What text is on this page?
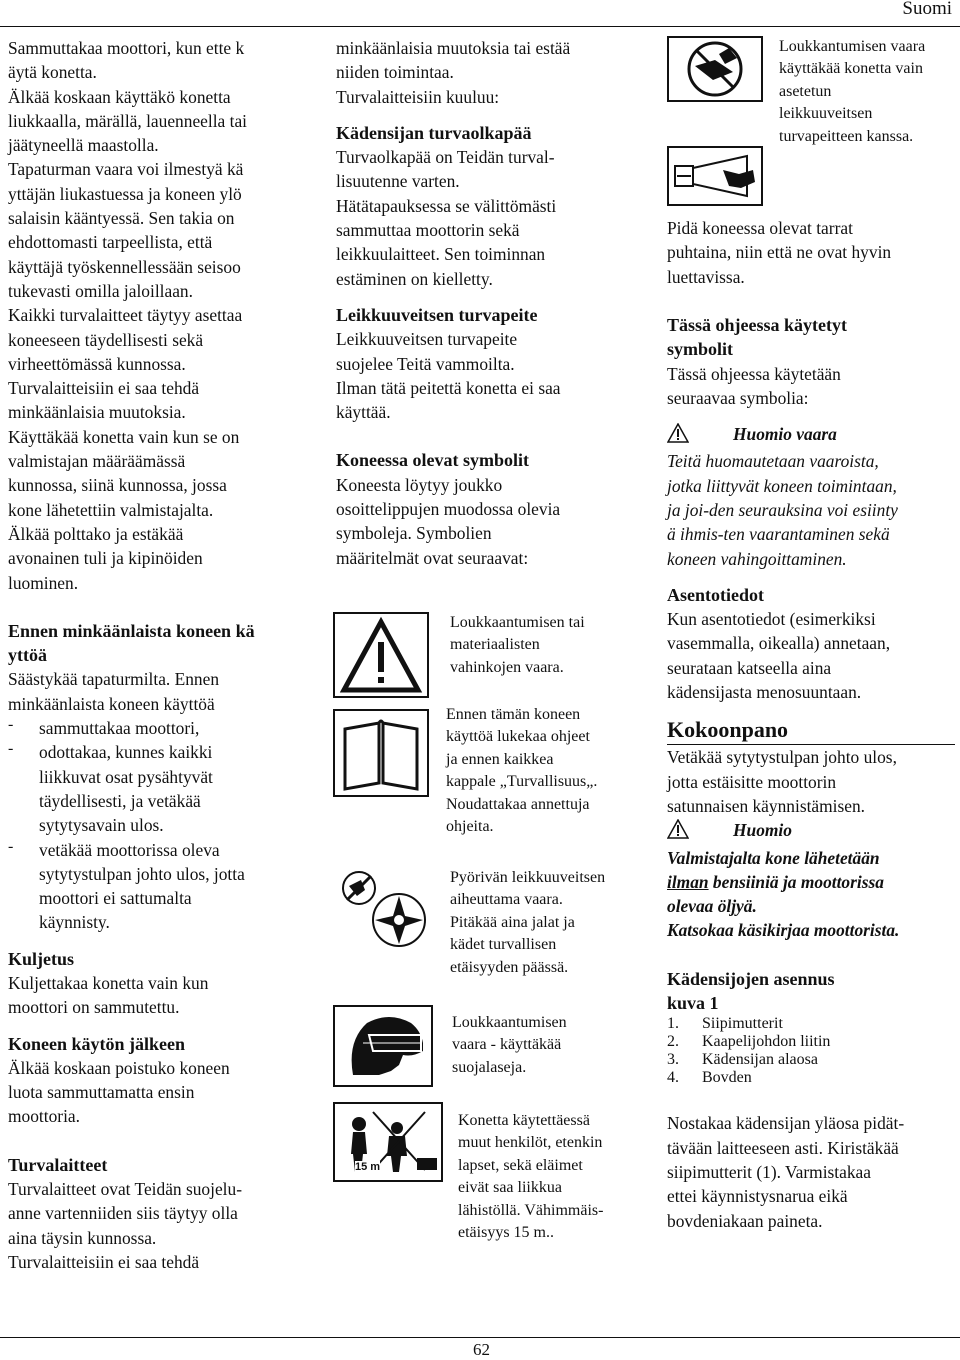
Suomi

Sammuttakaa moottori, kun ette k

äytä konetta.

Älkää koskaan käyttäkö konetta

liukkaalla, märällä, lauenneella tai

jäätyneellä maastolla.

Tapaturman vaara voi ilmestyä kä

yttäjän liukastuessa ja koneen ylö

salaisin kääntyessä. Sen takia on

ehdottomasti tarpeellista, että

käyttäjä työskennellessään seisoo

tukevasti omilla jaloillaan.

Kaikki turvalaitteet täytyy asettaa

koneeseen täydellisesti sekä

virheettömässä kunnossa.

Turvalaitteisiin ei saa tehdä

minkäänlaisia muutoksia.

Käyttäkää konetta vain kun se on

valmistajan määräämässä

kunnossa, siinä kunnossa, jossa

kone lähetettiin valmistajalta.

Älkää polttako ja estäkää

avonainen tuli ja kipinöiden

luominen.

Ennen minkäänlaista koneen kä

yttöä

Säästykää tapaturmilta. Ennen

minkäänlaista koneen käyttöä

- sammuttakaa moottori,

- odottakaa, kunnes kaikki

liikkuvat osat pysähtyvät

täydellisesti, ja vetäkää

sytytysavain ulos.

- vetäkää moottorissa oleva

sytytystulpan johto ulos, jotta

moottori ei sattumalta

käynnisty.

Kuljetus

Kuljettakaa konetta vain kun

moottori on sammutettu.

Koneen käytön jälkeen

Älkää koskaan poistuko koneen

luota sammuttamatta ensin

moottoria.

Turvalaitteet

Turvalaitteet ovat Teidän suojelu-

anne vartenniiden siis täytyy olla

aina täysin kunnossa.

Turvalaitteisiin ei saa tehdä

minkäänlaisia muutoksia tai estää

niiden toimintaa.

Turvalaitteisiin kuuluu:

Kädensijan turvaolkapää

Turvaolkapää on Teidän turval-

lisuutenne varten.

Hätätapauksessa se välittömästi

sammuttaa moottorin sekä

leikkuulaitteet. Sen toiminnan

estäminen on kielletty.

Leikkuuveitsen turvapeite

Leikkuuveitsen turvapeite

suojelee Teitä vammoilta.

Ilman tätä peitettä konetta ei saa

käyttää.

Koneessa olevat symbolit

Koneesta löytyy joukko

osoittelippujen muodossa olevia

symboleja. Symbolien

määritelmät ovat seuraavat:

Loukkaantumisen tai
materiaalisten
vahinkojen vaara.
Ennen tämän koneen
käyttöä lukekaa ohjeet
ja ennen kaikkea
kappale „Turvallisuus„.
Noudattakaa annettuja
ohjeita.
Pyörivän leikkuuveitsen
aiheuttama vaara.
Pitäkää aina jalat ja
kädet turvallisen
etäisyyden päässä.
Loukkaantumisen
vaara - käyttäkää
suojalaseja.
15 m
Konetta käytettäessä
muut henkilöt, etenkin
lapset, sekä eläimet
eivät saa liikkua
lähistöllä. Vähimmäis-
etäisyys 15 m..
Loukkantumisen vaara
käyttäkää konetta vain
asetetun
leikkuuveitsen
turvapeitteen kanssa.

Pidä koneessa olevat tarrat

puhtaina, niin että ne ovat hyvin

luettavissa.

Tässä ohjeessa käytetyt

symbolit

Tässä ohjeessa käytetään

seuraavaa symbolia:

Huomio vaara

Teitä huomautetaan vaaroista,

jotka liittyvät koneen toimintaan,

ja joi-den seurauksina voi esiinty

ä ihmis-ten vaarantaminen sekä

koneen vahingoittaminen.

Asentotiedot

Kun asentotiedot (esimerkiksi

vasemmalla, oikealla) annetaan,

seurataan katseella aina

kädensijasta menosuuntaan.

Kokoonpano

Vetäkää sytytystulpan johto ulos,

jotta estäisitte moottorin

satunnaisen käynnistämisen.

Huomio

Valmistajalta kone lähetetään

ilman bensiiniä ja moottorissa

olevaa öljyä.

Katsokaa käsikirjaa moottorista.

Kädensijojen asennus

kuva 1

1. Siipimutterit
2. Kaapelijohdon liitin
3. Kädensijan alaosa
4. Bovden

Nostakaa kädensijan yläosa pidät-

tävään laitteeseen asti. Kiristäkää

siipimutterit (1). Varmistakaa

ettei käynnistysnarua eikä

bovdeniakaan paineta.

62
